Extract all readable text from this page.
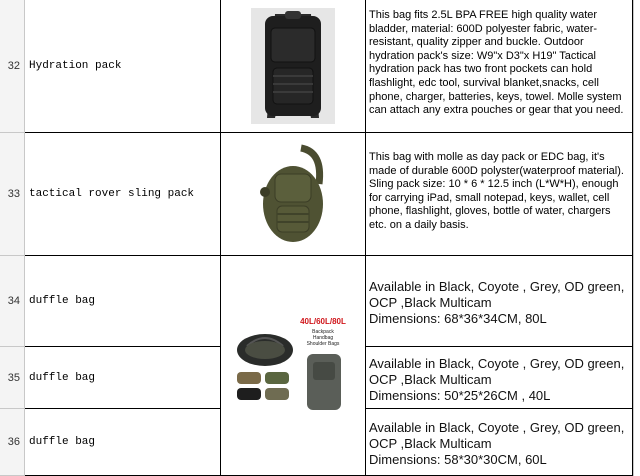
32 Hydration pack
This bag fits 2.5L BPA FREE high quality water bladder, material: 600D polyester fabric, water-resistant, quality zipper and buckle. Outdoor hydration pack's size: W9"x D3"x H19" Tactical hydration pack has two front pockets can hold flashlight, edc tool, survival blanket,snacks, cell phone, charger, batteries, keys, towel. Molle system can attach any extra pouches or gear that you need.
33 tactical rover sling pack
This bag with molle as day pack or EDC bag, it's made of durable 600D polyster(waterproof material). Sling pack size: 10 * 6 * 12.5 inch (L*W*H), enough for carrying iPad, small notepad, keys, wallet, cell phone, flashlight, gloves, bottle of water, chargers etc. on a daily basis.
34 duffle bag
Available in Black, Coyote , Grey, OD green, OCP ,Black Multicam
Dimensions: 68*36*34CM, 80L
35 duffle bag
Available in Black, Coyote , Grey, OD green, OCP ,Black Multicam
Dimensions: 50*25*26CM , 40L
36 duffle bag
Available in Black, Coyote , Grey, OD green, OCP ,Black Multicam
Dimensions: 58*30*30CM, 60L
40L/60L/80L
Backpack
Handbag
Shoulder Bags
